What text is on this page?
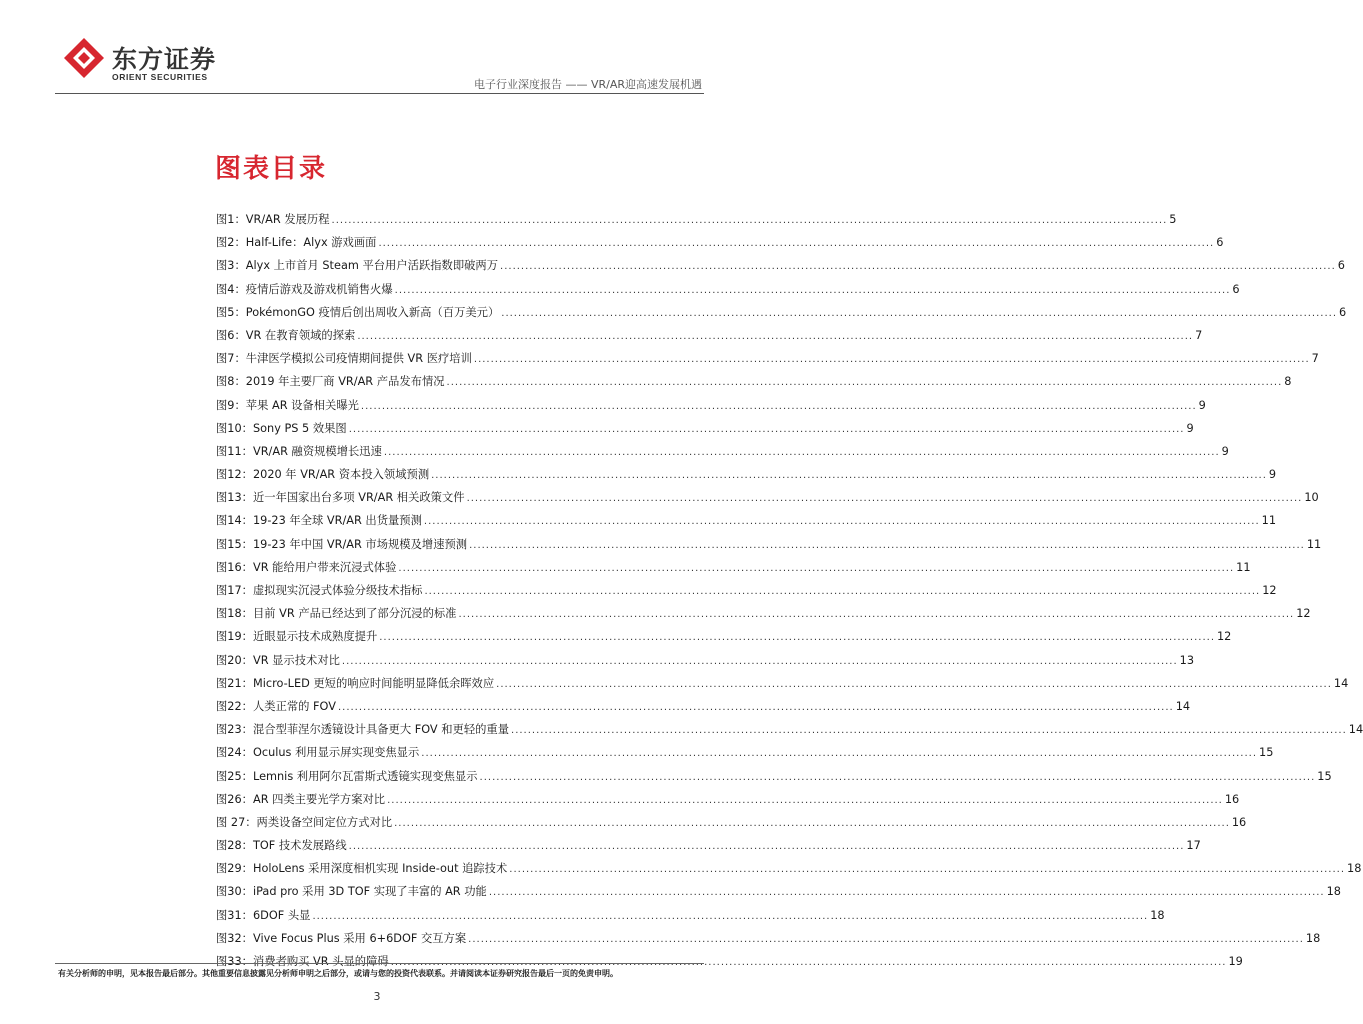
东方证券
ORIENT SECURITIES
电子行业深度报告 —— VR/AR迎高速发展机遇
图表目录
图1：VR/AR 发展历程 .....	5
图2：Half-Life：Alyx 游戏画面 .....	6
图3：Alyx 上市首月 Steam 平台用户活跃指数即破两万 .....	6
图4：疫情后游戏及游戏机销售火爆 .....	6
图5：PokémonGO 疫情后创出周收入新高（百万美元） .....	6
图6：VR 在教育领域的探索 .....	7
图7：牛津医学模拟公司疫情期间提供 VR 医疗培训 .....	7
图8：2019 年主要厂商 VR/AR 产品发布情况 .....	8
图9：苹果 AR 设备相关曝光 .....	9
图10：Sony PS 5 效果图 .....	9
图11：VR/AR 融资规模增长迅速 .....	9
图12：2020 年 VR/AR 资本投入领域预测 .....	9
图13：近一年国家出台多项 VR/AR 相关政策文件 .....	10
图14：19-23 年全球 VR/AR 出货量预测 .....	11
图15：19-23 年中国 VR/AR 市场规模及增速预测 .....	11
图16：VR 能给用户带来沉浸式体验 .....	11
图17：虚拟现实沉浸式体验分级技术指标 .....	12
图18：目前 VR 产品已经达到了部分沉浸的标准 .....	12
图19：近眼显示技术成熟度提升 .....	12
图20：VR 显示技术对比 .....	13
图21：Micro-LED 更短的响应时间能明显降低余晖效应 .....	14
图22：人类正常的 FOV .....	14
图23：混合型菲涅尔透镜设计具备更大 FOV 和更轻的重量 .....	14
图24：Oculus 利用显示屏实现变焦显示 .....	15
图25：Lemnis 利用阿尔瓦雷斯式透镜实现变焦显示 .....	15
图26：AR 四类主要光学方案对比 .....	16
图 27：两类设备空间定位方式对比 .....	16
图28：TOF 技术发展路线 .....	17
图29：HoloLens 采用深度相机实现 Inside-out 追踪技术 .....	18
图30：iPad pro 采用 3D TOF 实现了丰富的 AR 功能 .....	18
图31：6DOF 头显 .....	18
图32：Vive Focus Plus 采用 6+6DOF 交互方案 .....	18
图33：消费者购买 VR 头显的障碍 .....	19
有关分析师的申明，见本报告最后部分。其他重要信息披露见分析师申明之后部分，或请与您的投资代表联系。并请阅读本证券研究报告最后一页的免责申明。
3
